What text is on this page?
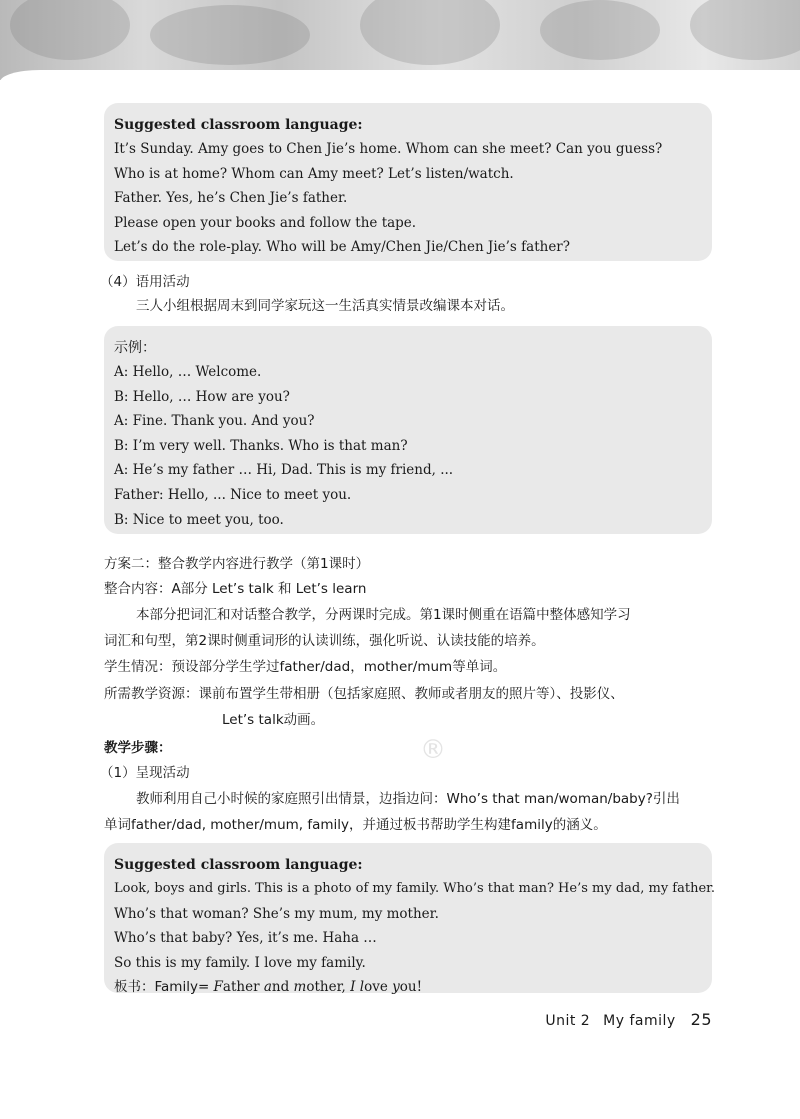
Suggested classroom language:
It’s Sunday. Amy goes to Chen Jie’s home. Whom can she meet? Can you guess?
Who is at home? Whom can Amy meet? Let’s listen/watch.
Father. Yes, he’s Chen Jie’s father.
Please open your books and follow the tape.
Let’s do the role-play. Who will be Amy/Chen Jie/Chen Jie’s father?
（4）语用活动
三人小组根据周末到同学家玩这一生活真实情景改编课本对话。
示例：
A: Hello, … Welcome.
B: Hello, … How are you?
A: Fine. Thank you. And you?
B: I’m very well. Thanks. Who is that man?
A: He’s my father … Hi, Dad. This is my friend, ...
Father: Hello, ... Nice to meet you.
B: Nice to meet you, too.
方案二：整合教学内容进行教学（第1课时）
整合内容：A部分 Let’s talk 和 Let’s learn
本部分把词汇和对话整合教学，分两课时完成。第1课时侧重在语篇中整体感知学习
词汇和句型，第2课时侧重词形的认读训练，强化听说、认读技能的培养。
学生情况：预设部分学生学过father/dad，mother/mum等单词。
所需教学资源：课前布置学生带相册（包括家庭照、教师或者朋友的照片等）、投影仪、
Let’s talk动画。
教学步骤：
（1）呈现活动
教师利用自己小时候的家庭照引出情景，边指边问：Who’s that man/woman/baby?引出
单词father/dad, mother/mum, family，并通过板书帮助学生构建family的涵义。
®
Suggested classroom language:
Look, boys and girls. This is a photo of my family. Who’s that man? He’s my dad, my father.
Who’s that woman? She’s my mum, my mother.
Who’s that baby? Yes, it’s me. Haha …
So this is my family. I love my family.
板书：Family= Father and mother, I love you!
Unit 2 My family 25
